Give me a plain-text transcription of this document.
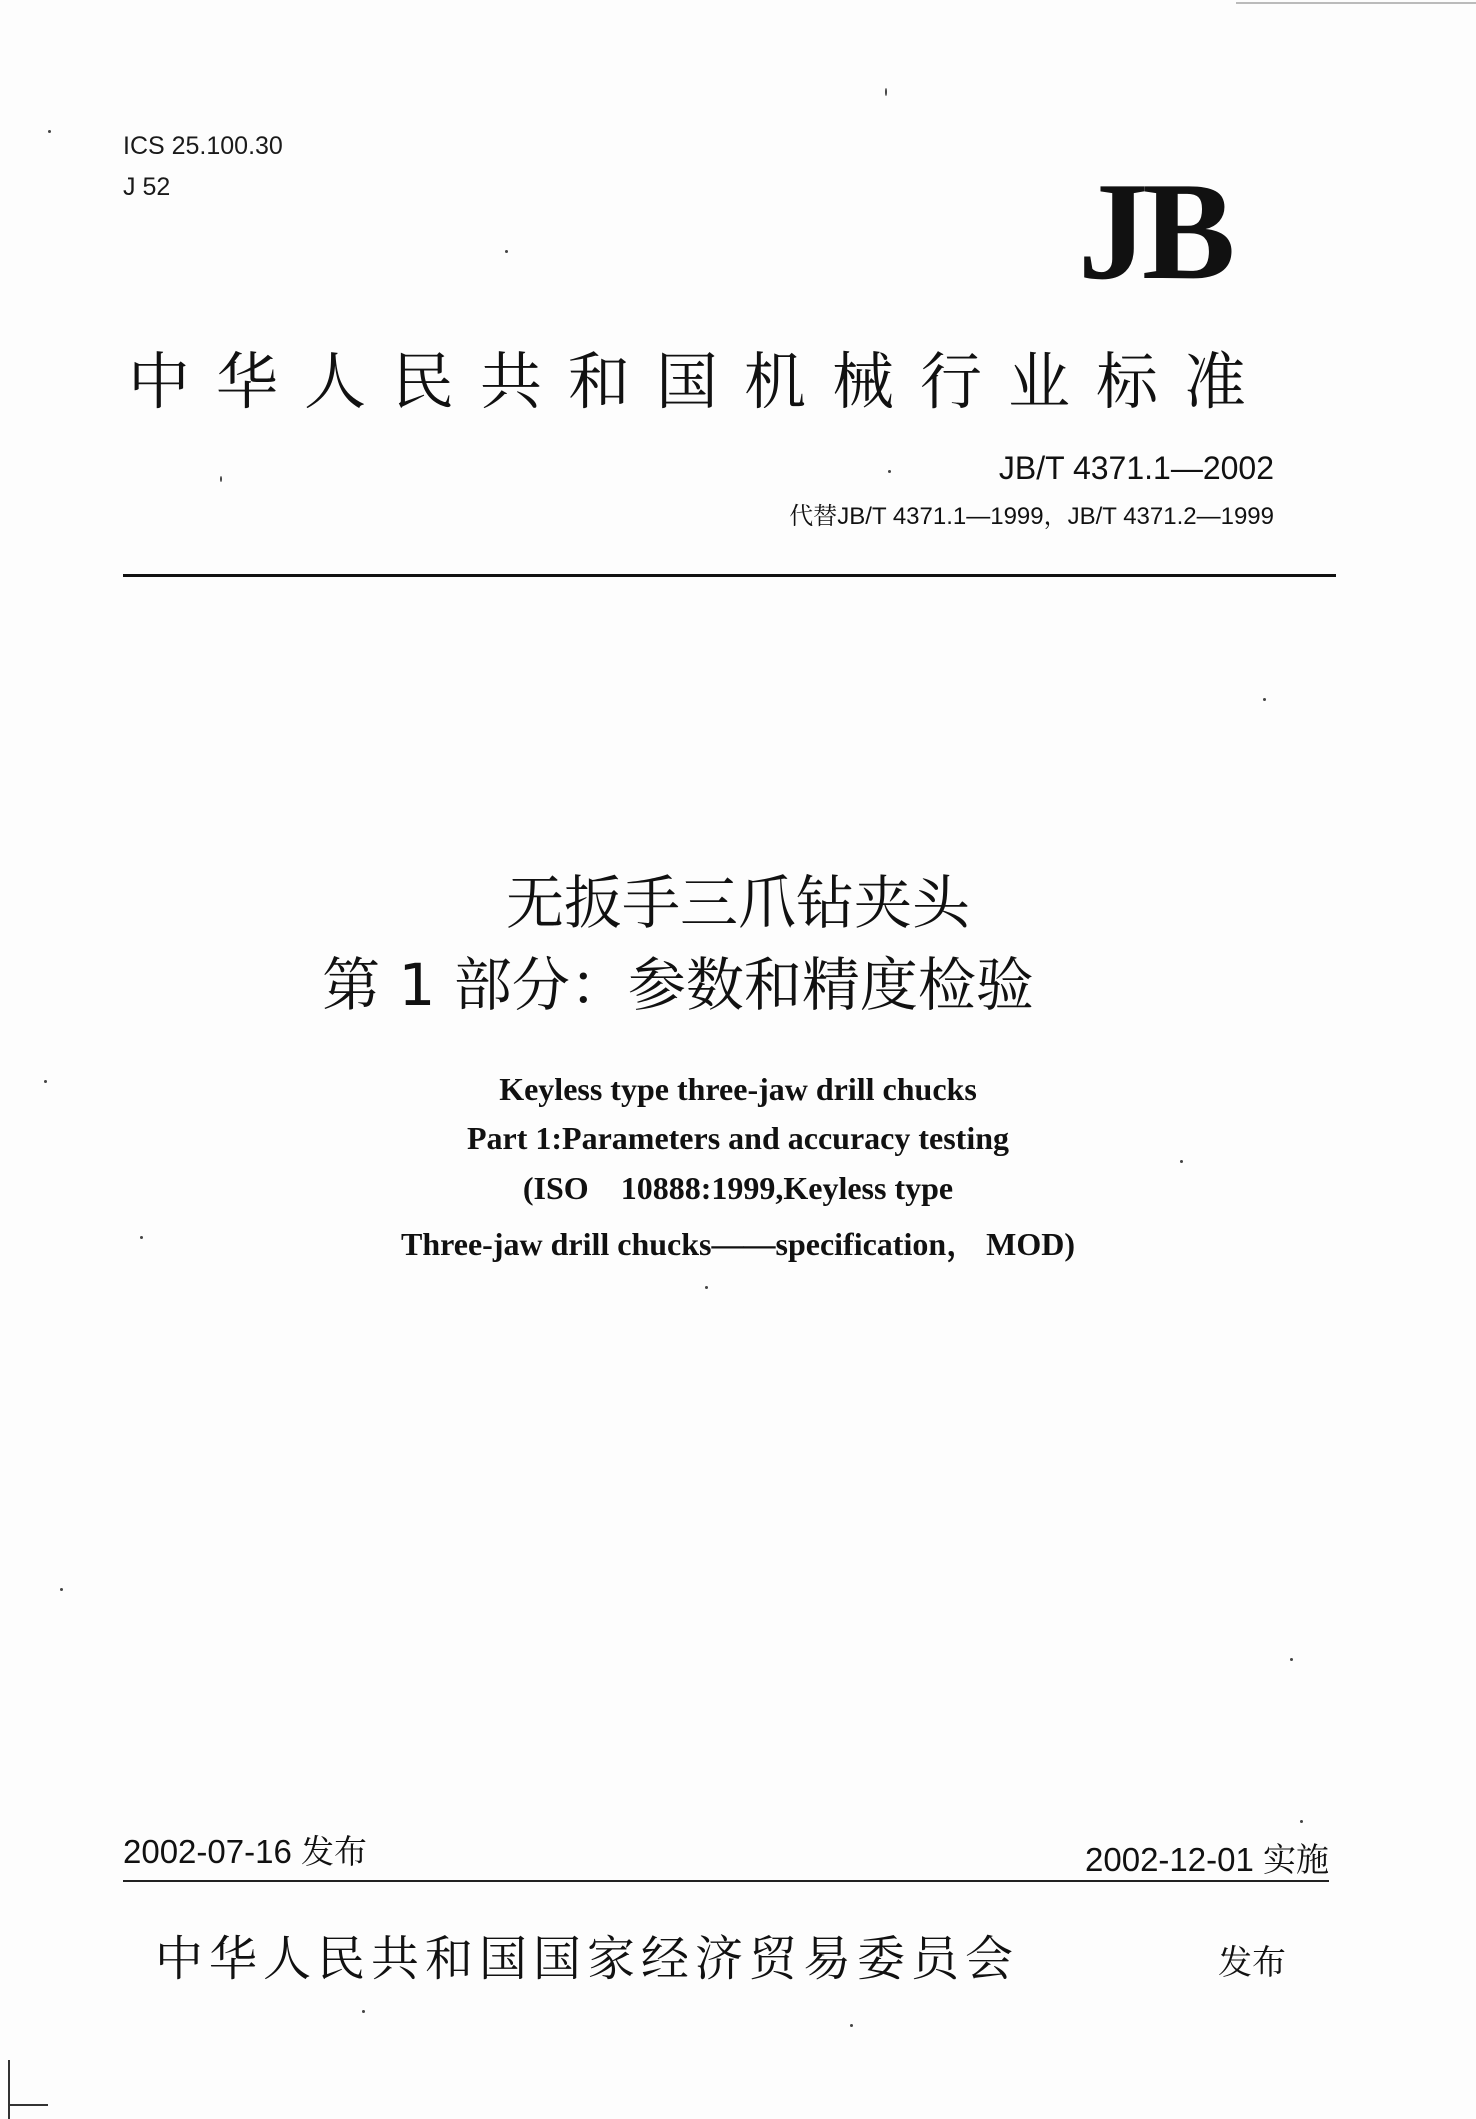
ICS 25.100.30
J 52	JB
中华人民共和国机械行业标准
JB/T 4371.1—2002
代替JB/T 4371.1—1999，JB/T 4371.2—1999
无扳手三爪钻夹头
第 1 部分：参数和精度检验
Keyless type three-jaw drill chucks
Part 1:Parameters and accuracy testing
(ISO    10888:1999,Keyless type
Three-jaw drill chucks——specification， MOD)
2002-07-16 发布	2002-12-01 实施
中华人民共和国国家经济贸易委员会	发布
